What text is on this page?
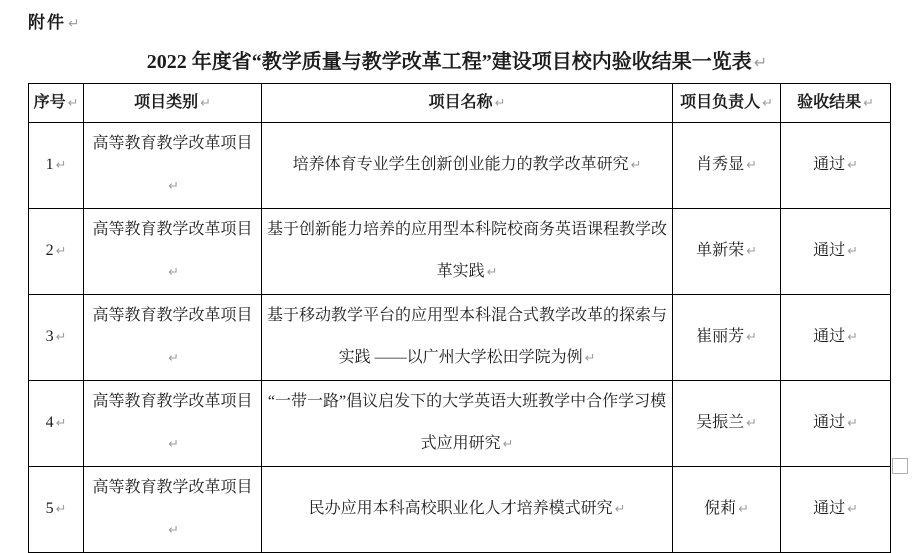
附件 ↵
2022 年度省“教学质量与教学改革工程”建设项目校内验收结果一览表 ↵
序号 ↵	项目类别 ↵	项目名称 ↵	项目负责人 ↵	验收结果 ↵
1 ↵	高等教育教学改革项目↵	培养体育专业学生创新创业能力的教学改革研究 ↵	肖秀显 ↵	通过 ↵
2 ↵	高等教育教学改革项目↵	基于创新能力培养的应用型本科院校商务英语课程教学改革实践 ↵	单新荣 ↵	通过 ↵
3 ↵	高等教育教学改革项目↵	基于移动教学平台的应用型本科混合式教学改革的探索与实践 ——以广州大学松田学院为例 ↵	崔丽芳 ↵	通过 ↵
4 ↵	高等教育教学改革项目↵	“一带一路”倡议启发下的大学英语大班教学中合作学习模式应用研究 ↵	吴振兰 ↵	通过 ↵
5 ↵	高等教育教学改革项目↵	民办应用本科高校职业化人才培养模式研究 ↵	倪莉 ↵	通过 ↵
